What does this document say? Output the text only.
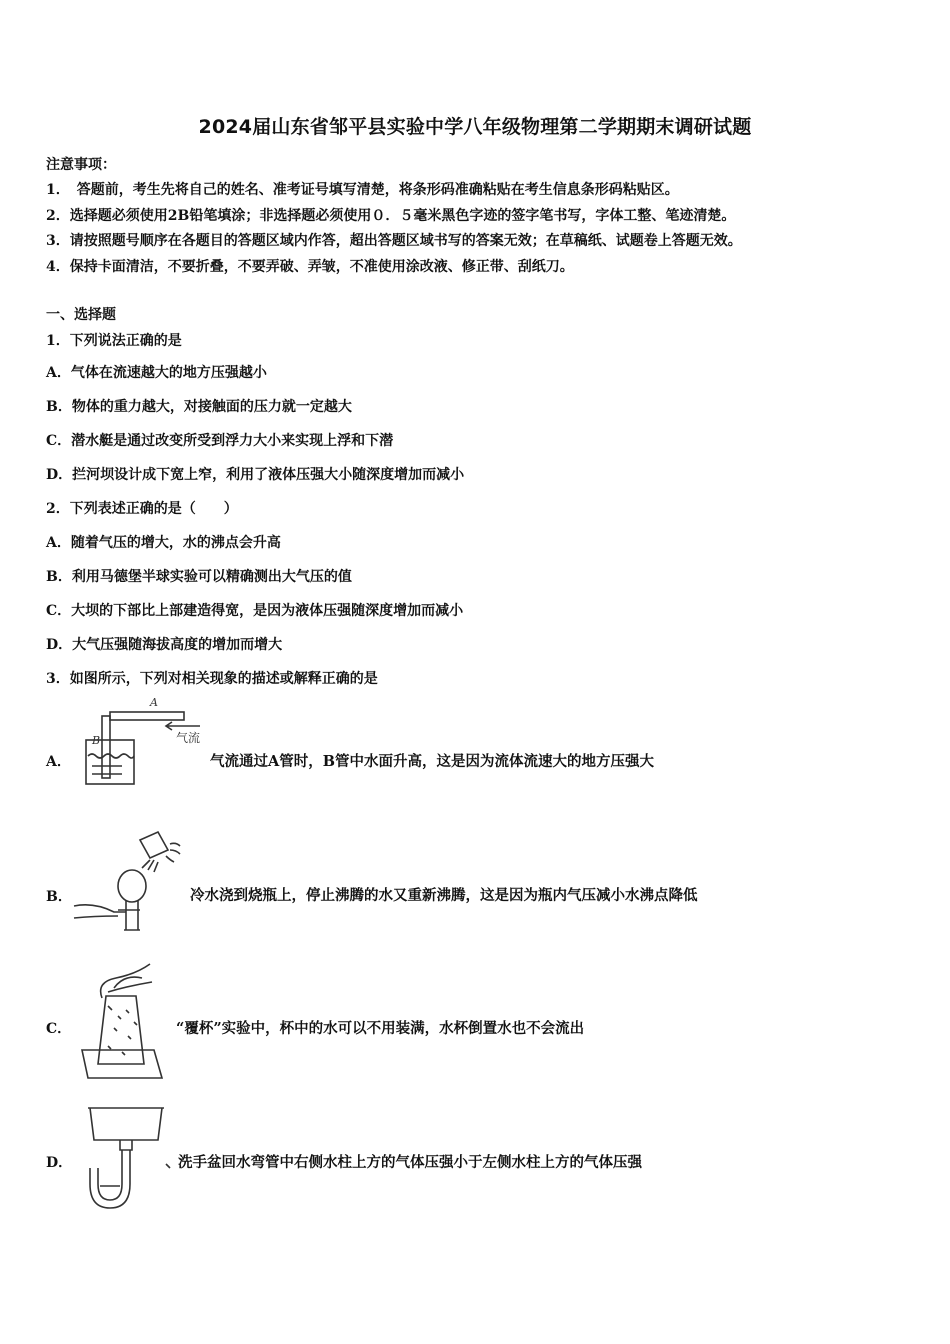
2024届山东省邹平县实验中学八年级物理第二学期期末调研试题
注意事项：
1．　答题前，考生先将自己的姓名、准考证号填写清楚，将条形码准确粘贴在考生信息条形码粘贴区。
2．选择题必须使用2B铅笔填涂；非选择题必须使用０．５毫米黑色字迹的签字笔书写，字体工整、笔迹清楚。
3．请按照题号顺序在各题目的答题区域内作答，超出答题区域书写的答案无效；在草稿纸、试题卷上答题无效。
4．保持卡面清洁，不要折叠，不要弄破、弄皱，不准使用涂改液、修正带、刮纸刀。
一、选择题
1．下列说法正确的是
A．气体在流速越大的地方压强越小
B．物体的重力越大，对接触面的压力就一定越大
C．潜水艇是通过改变所受到浮力大小来实现上浮和下潜
D．拦河坝设计成下宽上窄，利用了液体压强大小随深度增加而减小
2．下列表述正确的是（　　）
A．随着气压的增大，水的沸点会升高
B．利用马德堡半球实验可以精确测出大气压的值
C．大坝的下部比上部建造得宽，是因为液体压强随深度增加而减小
D．大气压强随海拔高度的增加而增大
3．如图所示，下列对相关现象的描述或解释正确的是
A．
A
B	气流
气流通过A管时，B管中水面升高，这是因为流体流速大的地方压强大
B．	冷水浇到烧瓶上，停止沸腾的水又重新沸腾，这是因为瓶内气压减小水沸点降低
C．	“覆杯”实验中，杯中的水可以不用装满，水杯倒置水也不会流出
D．	洗手盆回水弯管中右侧水柱上方的气体压强小于左侧水柱上方的气体压强
